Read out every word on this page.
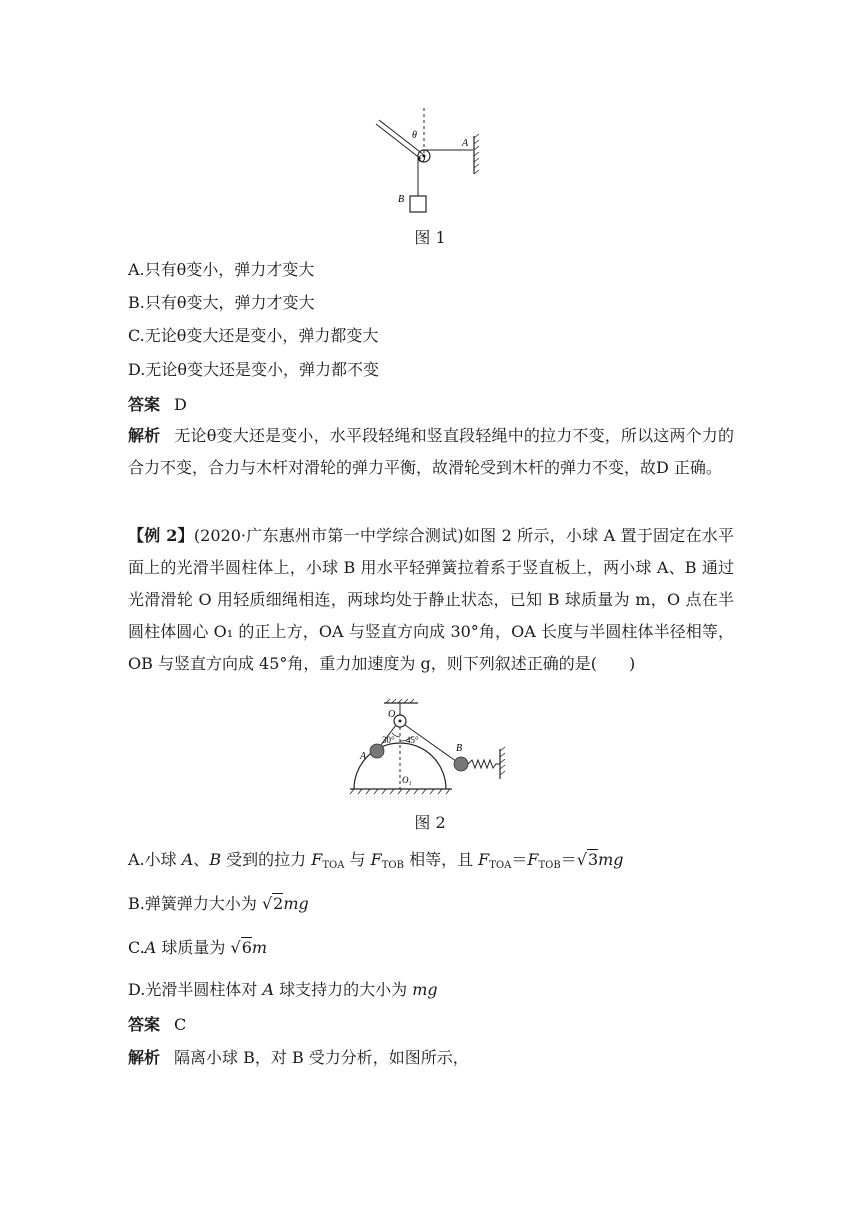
θ
O
A
B
图 1
A.只有θ变小，弹力才变大
B.只有θ变大，弹力才变大
C.无论θ变大还是变小，弹力都变大
D.无论θ变大还是变小，弹力都不变
答案 D
解析 无论θ变大还是变小，水平段轻绳和竖直段轻绳中的拉力不变，所以这两个力的合力不变，合力与木杆对滑轮的弹力平衡，故滑轮受到木杆的弹力不变，故D 正确。
【例 2】(2020·广东惠州市第一中学综合测试)如图 2 所示，小球 A 置于固定在水平面上的光滑半圆柱体上，小球 B 用水平轻弹簧拉着系于竖直板上，两小球 A、B 通过光滑滑轮 O 用轻质细绳相连，两球均处于静止状态，已知 B 球质量为 m，O 点在半圆柱体圆心 O₁ 的正上方，OA 与竖直方向成 30°角，OA 长度与半圆柱体半径相等，OB 与竖直方向成 45°角，重力加速度为 g，则下列叙述正确的是(　　)
O
A
B
O₁
30° 45°
图 2
A.小球 A、B 受到的拉力 $F_{TOA}$ 与 $F_{TOB}$ 相等，且 $F_{TOA}=F_{TOB}=√3mg$
B.弹簧弹力大小为 √2mg
C.A 球质量为 √6m
D.光滑半圆柱体对 A 球支持力的大小为 mg
答案 C
解析 隔离小球 B，对 B 受力分析，如图所示，
